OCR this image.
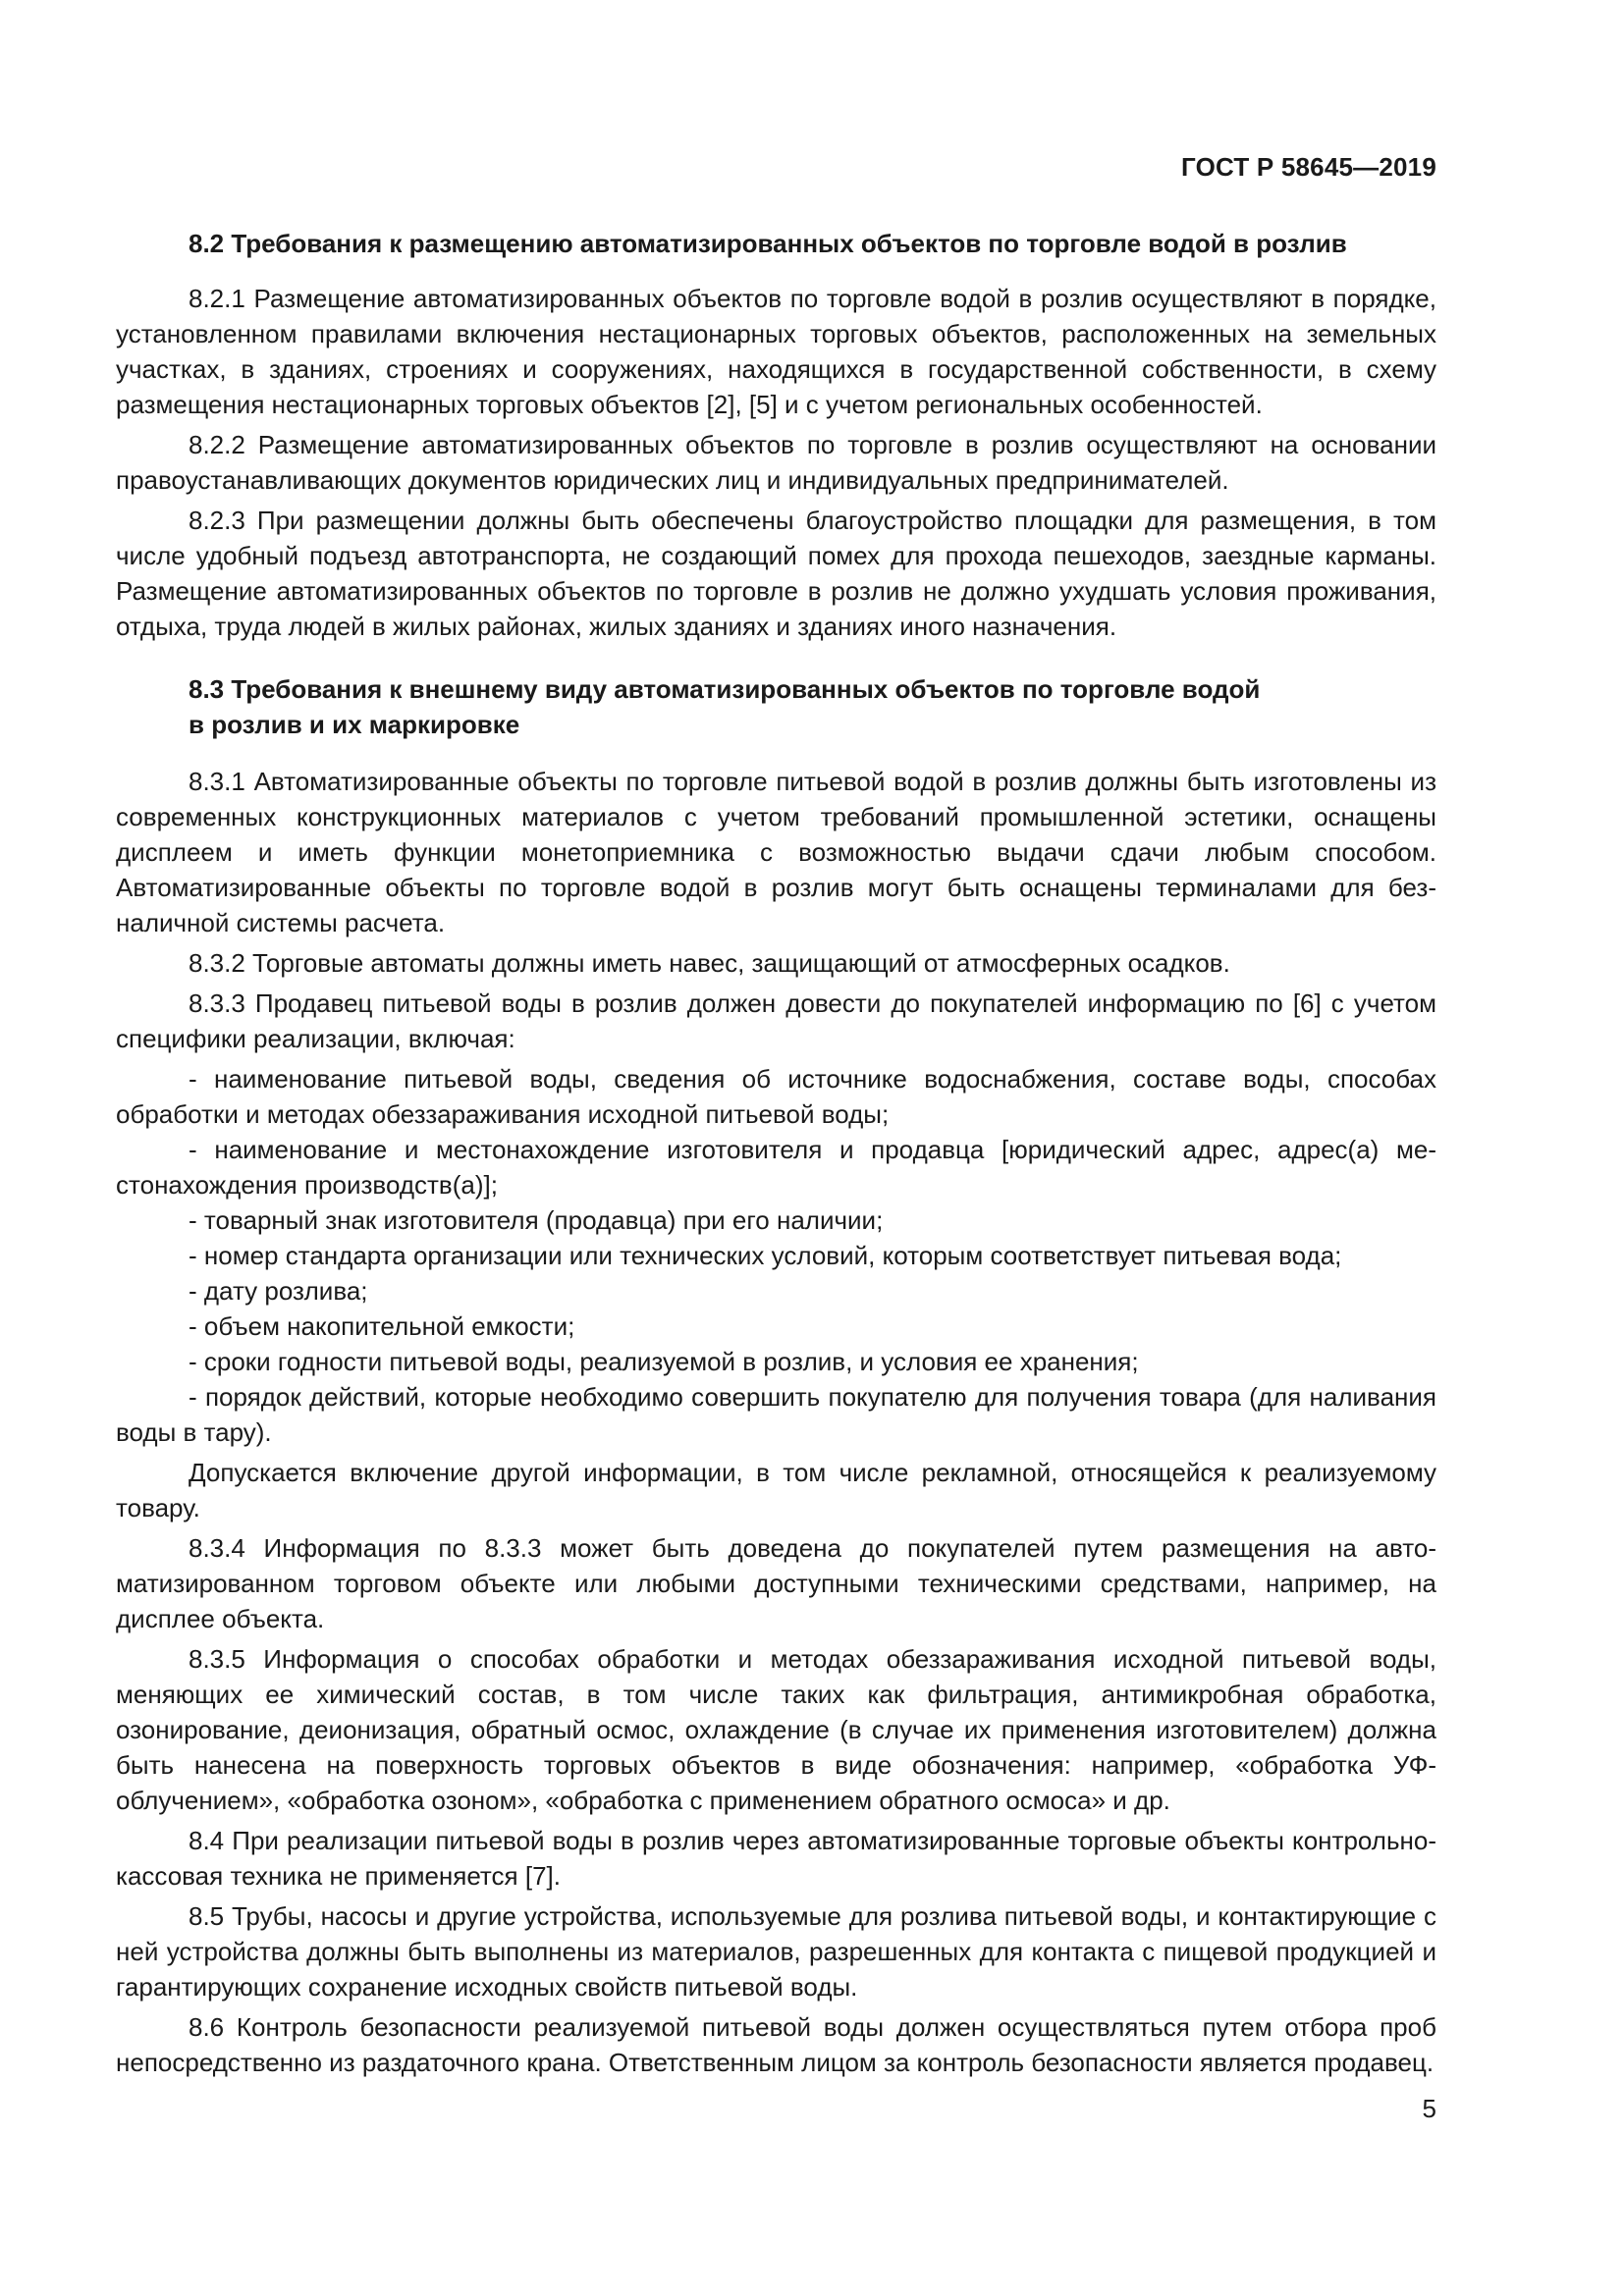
ГОСТ Р 58645—2019
8.2 Требования к размещению автоматизированных объектов по торговле водой в розлив

8.2.1 Размещение автоматизированных объектов по торговле водой в розлив осуществляют в порядке, установленном правилами включения нестационарных торговых объектов, расположенных на земельных участках, в зданиях, строениях и сооружениях, находящихся в государственной собственности, в схему размещения нестационарных торговых объектов [2], [5] и с учетом региональных особенностей.

8.2.2 Размещение автоматизированных объектов по торговле в розлив осуществляют на основании правоустанавливающих документов юридических лиц и индивидуальных предпринимателей.

8.2.3 При размещении должны быть обеспечены благоустройство площадки для размещения, в том числе удобный подъезд автотранспорта, не создающий помех для прохода пешеходов, заездные карманы. Размещение автоматизированных объектов по торговле в розлив не должно ухудшать условия проживания, отдыха, труда людей в жилых районах, жилых зданиях и зданиях иного назначения.

8.3 Требования к внешнему виду автоматизированных объектов по торговле водой
в розлив и их маркировке

8.3.1 Автоматизированные объекты по торговле питьевой водой в розлив должны быть изготовлены из современных конструкционных материалов с учетом требований промышленной эстетики, оснащены дисплеем и иметь функции монетоприемника с возможностью выдачи сдачи любым способом. Автоматизированные объекты по торговле водой в розлив могут быть оснащены терминалами для безналичной системы расчета.

8.3.2 Торговые автоматы должны иметь навес, защищающий от атмосферных осадков.

8.3.3 Продавец питьевой воды в розлив должен довести до покупателей информацию по [6] с учетом специфики реализации, включая:

- наименование питьевой воды, сведения об источнике водоснабжения, составе воды, способах обработки и методах обеззараживания исходной питьевой воды;

- наименование и местонахождение изготовителя и продавца [юридический адрес, адрес(а) местонахождения производств(а)];

- товарный знак изготовителя (продавца) при его наличии;

- номер стандарта организации или технических условий, которым соответствует питьевая вода;

- дату розлива;

- объем накопительной емкости;

- сроки годности питьевой воды, реализуемой в розлив, и условия ее хранения;

- порядок действий, которые необходимо совершить покупателю для получения товара (для наливания воды в тару).

Допускается включение другой информации, в том числе рекламной, относящейся к реализуемому товару.

8.3.4 Информация по 8.3.3 может быть доведена до покупателей путем размещения на автоматизированном торговом объекте или любыми доступными техническими средствами, например, на дисплее объекта.

8.3.5 Информация о способах обработки и методах обеззараживания исходной питьевой воды, меняющих ее химический состав, в том числе таких как фильтрация, антимикробная обработка, озонирование, деионизация, обратный осмос, охлаждение (в случае их применения изготовителем) должна быть нанесена на поверхность торговых объектов в виде обозначения: например, «обработка УФ-облучением», «обработка озоном», «обработка с применением обратного осмоса» и др.

8.4 При реализации питьевой воды в розлив через автоматизированные торговые объекты контрольно-кассовая техника не применяется [7].

8.5 Трубы, насосы и другие устройства, используемые для розлива питьевой воды, и контактирующие с ней устройства должны быть выполнены из материалов, разрешенных для контакта с пищевой продукцией и гарантирующих сохранение исходных свойств питьевой воды.

8.6 Контроль безопасности реализуемой питьевой воды должен осуществляться путем отбора проб непосредственно из раздаточного крана. Ответственным лицом за контроль безопасности является продавец.

5
